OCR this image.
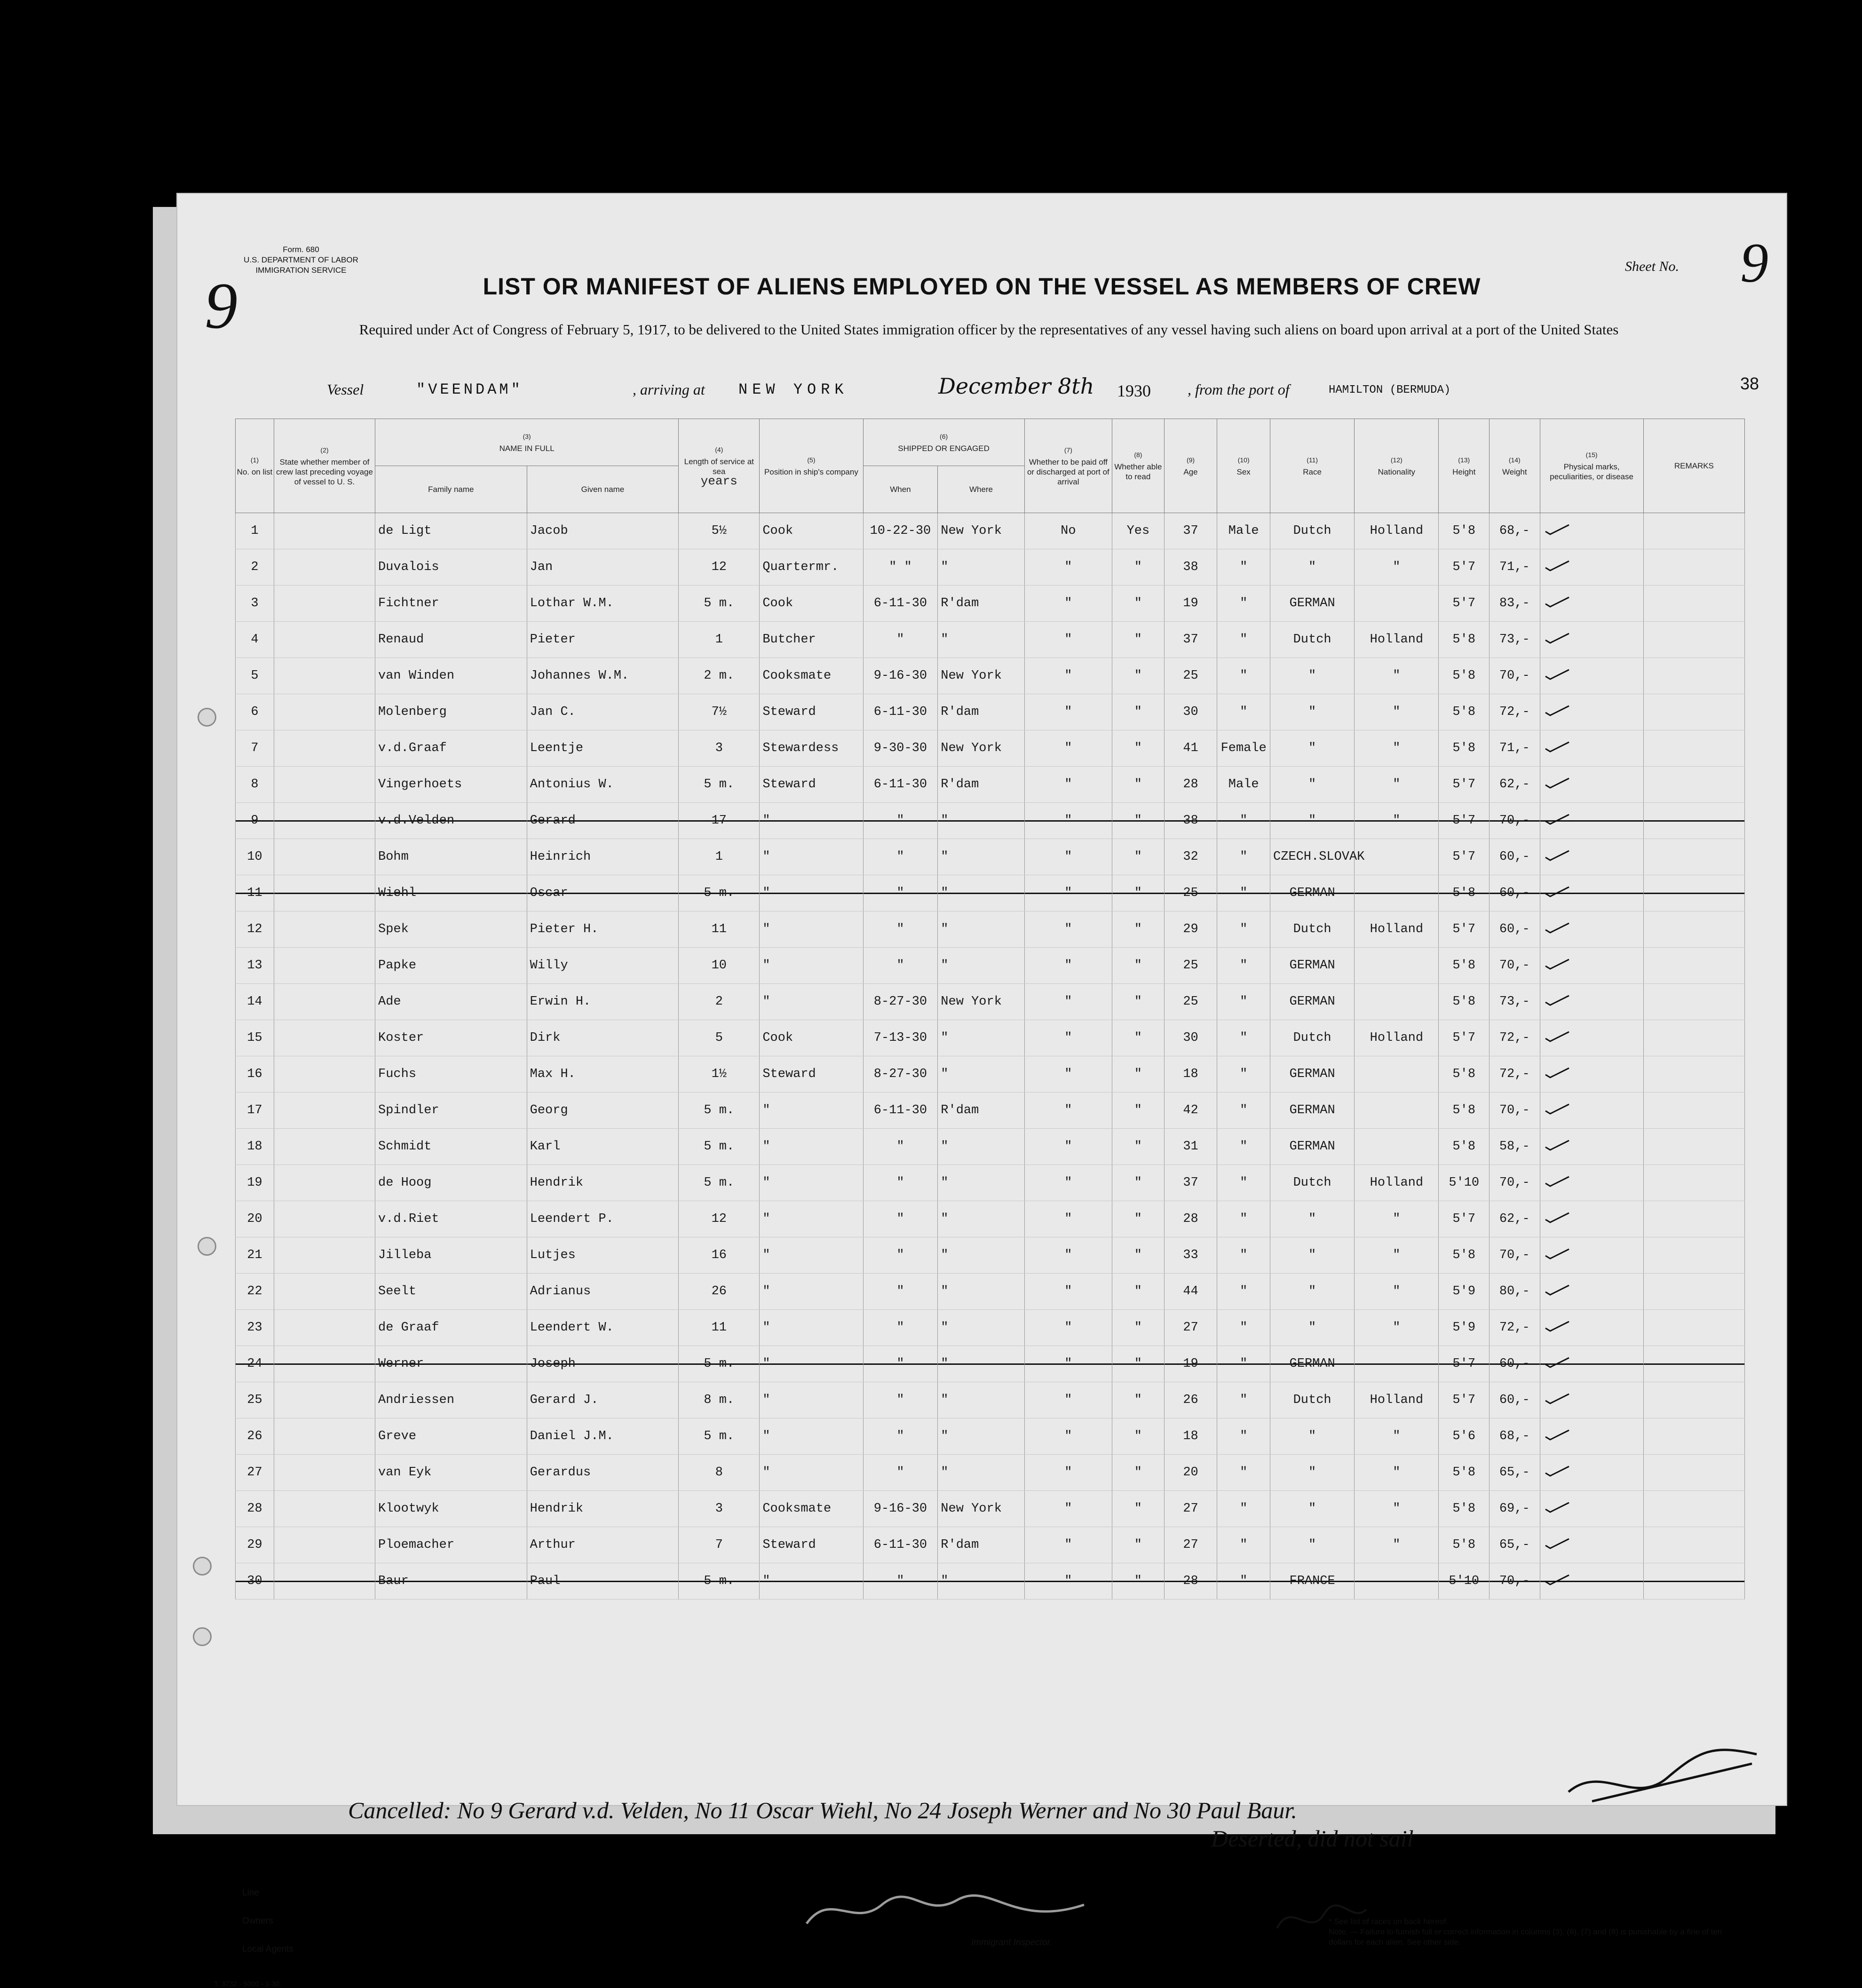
Form. 680
U.S. DEPARTMENT OF LABOR
IMMIGRATION SERVICE
9
Sheet No. 9
LIST OR MANIFEST OF ALIENS EMPLOYED ON THE VESSEL AS MEMBERS OF CREW
Required under Act of Congress of February 5, 1917, to be delivered to the United States immigration officer by the representatives of any vessel having such aliens on board upon arrival at a port of the United States
Vessel	"VEENDAM"	, arriving at NEW YORK	December 8th 1930 , from the port of	HAMILTON (BERMUDA)	38
(1)
No. on list	(2)
State whether member of crew last preceding voyage of vessel to U. S.	(3)
NAME IN FULL		(4)
Length of service at sea
years	(5)
Position in ship's company	(6)
SHIPPED OR ENGAGED		(7)
Whether to be paid off or discharged at port of arrival	(8)
Whether able to read	(9)
Age	(10)
Sex	(11)
Race	(12)
Nationality	(13)
Height	(14)
Weight	(15)
Physical marks, peculiarities, or disease	REMARKS
		Family name	Given name			When	Where										
1		de Ligt	Jacob	5½	Cook	10-22-30	New York	No	Yes	37	Male	Dutch	Holland	5'8	68,-		
2		Duvalois	Jan	12	Quartermr.	" "	"	"	"	38	"	"	"	5'7	71,-		
3		Fichtner	Lothar W.M.	5 m.	Cook	6-11-30	R'dam	"	"	19	"	GERMAN		5'7	83,-		
4		Renaud	Pieter	1	Butcher	"	"	"	"	37	"	Dutch	Holland	5'8	73,-		
5		van Winden	Johannes W.M.	2 m.	Cooksmate	9-16-30	New York	"	"	25	"	"	"	5'8	70,-		
6		Molenberg	Jan C.	7½	Steward	6-11-30	R'dam	"	"	30	"	"	"	5'8	72,-		
7		v.d.Graaf	Leentje	3	Stewardess	9-30-30	New York	"	"	41	Female	"	"	5'8	71,-		
8		Vingerhoets	Antonius W.	5 m.	Steward	6-11-30	R'dam	"	"	28	Male	"	"	5'7	62,-		
9		v.d.Velden	Gerard	17	"	"	"	"	"	38	"	"	"	5'7	70,-		
10		Bohm	Heinrich	1	"	"	"	"	"	32	"	CZECH.SLOVAK		5'7	60,-		
11		Wiehl	Oscar	5 m.	"	"	"	"	"	25	"	GERMAN		5'8	60,-		
12		Spek	Pieter H.	11	"	"	"	"	"	29	"	Dutch	Holland	5'7	60,-		
13		Papke	Willy	10	"	"	"	"	"	25	"	GERMAN		5'8	70,-		
14		Ade	Erwin H.	2	"	8-27-30	New York	"	"	25	"	GERMAN		5'8	73,-		
15		Koster	Dirk	5	Cook	7-13-30	"	"	"	30	"	Dutch	Holland	5'7	72,-		
16		Fuchs	Max H.	1½	Steward	8-27-30	"	"	"	18	"	GERMAN		5'8	72,-		
17		Spindler	Georg	5 m.	"	6-11-30	R'dam	"	"	42	"	GERMAN		5'8	70,-		
18		Schmidt	Karl	5 m.	"	"	"	"	"	31	"	GERMAN		5'8	58,-		
19		de Hoog	Hendrik	5 m.	"	"	"	"	"	37	"	Dutch	Holland	5'10	70,-		
20		v.d.Riet	Leendert P.	12	"	"	"	"	"	28	"	"	"	5'7	62,-		
21		Jilleba	Lutjes	16	"	"	"	"	"	33	"	"	"	5'8	70,-		
22		Seelt	Adrianus	26	"	"	"	"	"	44	"	"	"	5'9	80,-		
23		de Graaf	Leendert W.	11	"	"	"	"	"	27	"	"	"	5'9	72,-		
24		Werner	Joseph	5 m.	"	"	"	"	"	19	"	GERMAN		5'7	60,-		
25		Andriessen	Gerard J.	8 m.	"	"	"	"	"	26	"	Dutch	Holland	5'7	60,-		
26		Greve	Daniel J.M.	5 m.	"	"	"	"	"	18	"	"	"	5'6	68,-		
27		van Eyk	Gerardus	8	"	"	"	"	"	20	"	"	"	5'8	65,-		
28		Klootwyk	Hendrik	3	Cooksmate	9-16-30	New York	"	"	27	"	"	"	5'8	69,-		
29		Ploemacher	Arthur	7	Steward	6-11-30	R'dam	"	"	27	"	"	"	5'8	65,-		
30		Baur	Paul	5 m.	"	"	"	"	"	28	"	FRANCE		5'10	70,-		
Cancelled: No 9 Gerard v.d. Velden, No 11 Oscar Wiehl, No 24 Joseph Werner and No 30 Paul Baur.
Deserted, did not sail
Line
Owners
Local Agents
Immigrant Inspector.
T. 3732 - 5000 - 1-30.
* See list of races on back hereof.
Note. — Failure to furnish full or correct information in columns (3), (6), (7) and (8) is punishable by a fine of ten dollars for each alien. See other side.
